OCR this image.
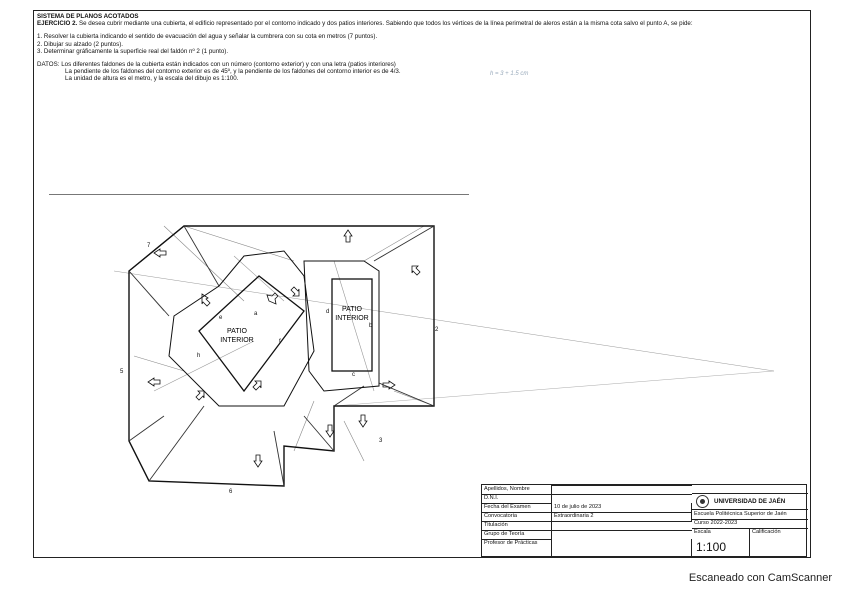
SISTEMA DE PLANOS ACOTADOS
EJERCICIO 2. Se desea cubrir mediante una cubierta, el edificio representado por el contorno indicado y dos patios interiores. Sabiendo que todos los vértices de la línea perimetral de aleros están a la misma cota salvo el punto A, se pide:
1. Resolver la cubierta indicando el sentido de evacuación del agua y señalar la cumbrera con su cota en metros (7 puntos).
2. Dibujar su alzado (2 puntos).
3. Determinar gráficamente la superficie real del faldón nº 2 (1 punto).
DATOS: Los diferentes faldones de la cubierta están indicados con un número (contorno exterior) y con una letra (patios interiores)
La pendiente de los faldones del contorno exterior es de 45º, y la pendiente de los faldones del contorno interior es de 4/3.
La unidad de altura es el metro, y la escala del dibujo es 1:100.
h = 3 + 1.5 cm
PATIO
INTERIOR
PATIO
INTERIOR
7
2
3
6
5
d
b
c
a
f
h
e
Apellidos, Nombre
D.N.I.
Fecha del Examen	10 de julio de 2023
Convocatoria	Extraordinaria 2
Titulación
Grupo de Teoría
Profesor de Prácticas
UNIVERSIDAD DE JAÉN
Escuela Politécnica Superior de Jaén
Curso 2022-2023
Escala
1:100
Calificación
Escaneado con CamScanner
